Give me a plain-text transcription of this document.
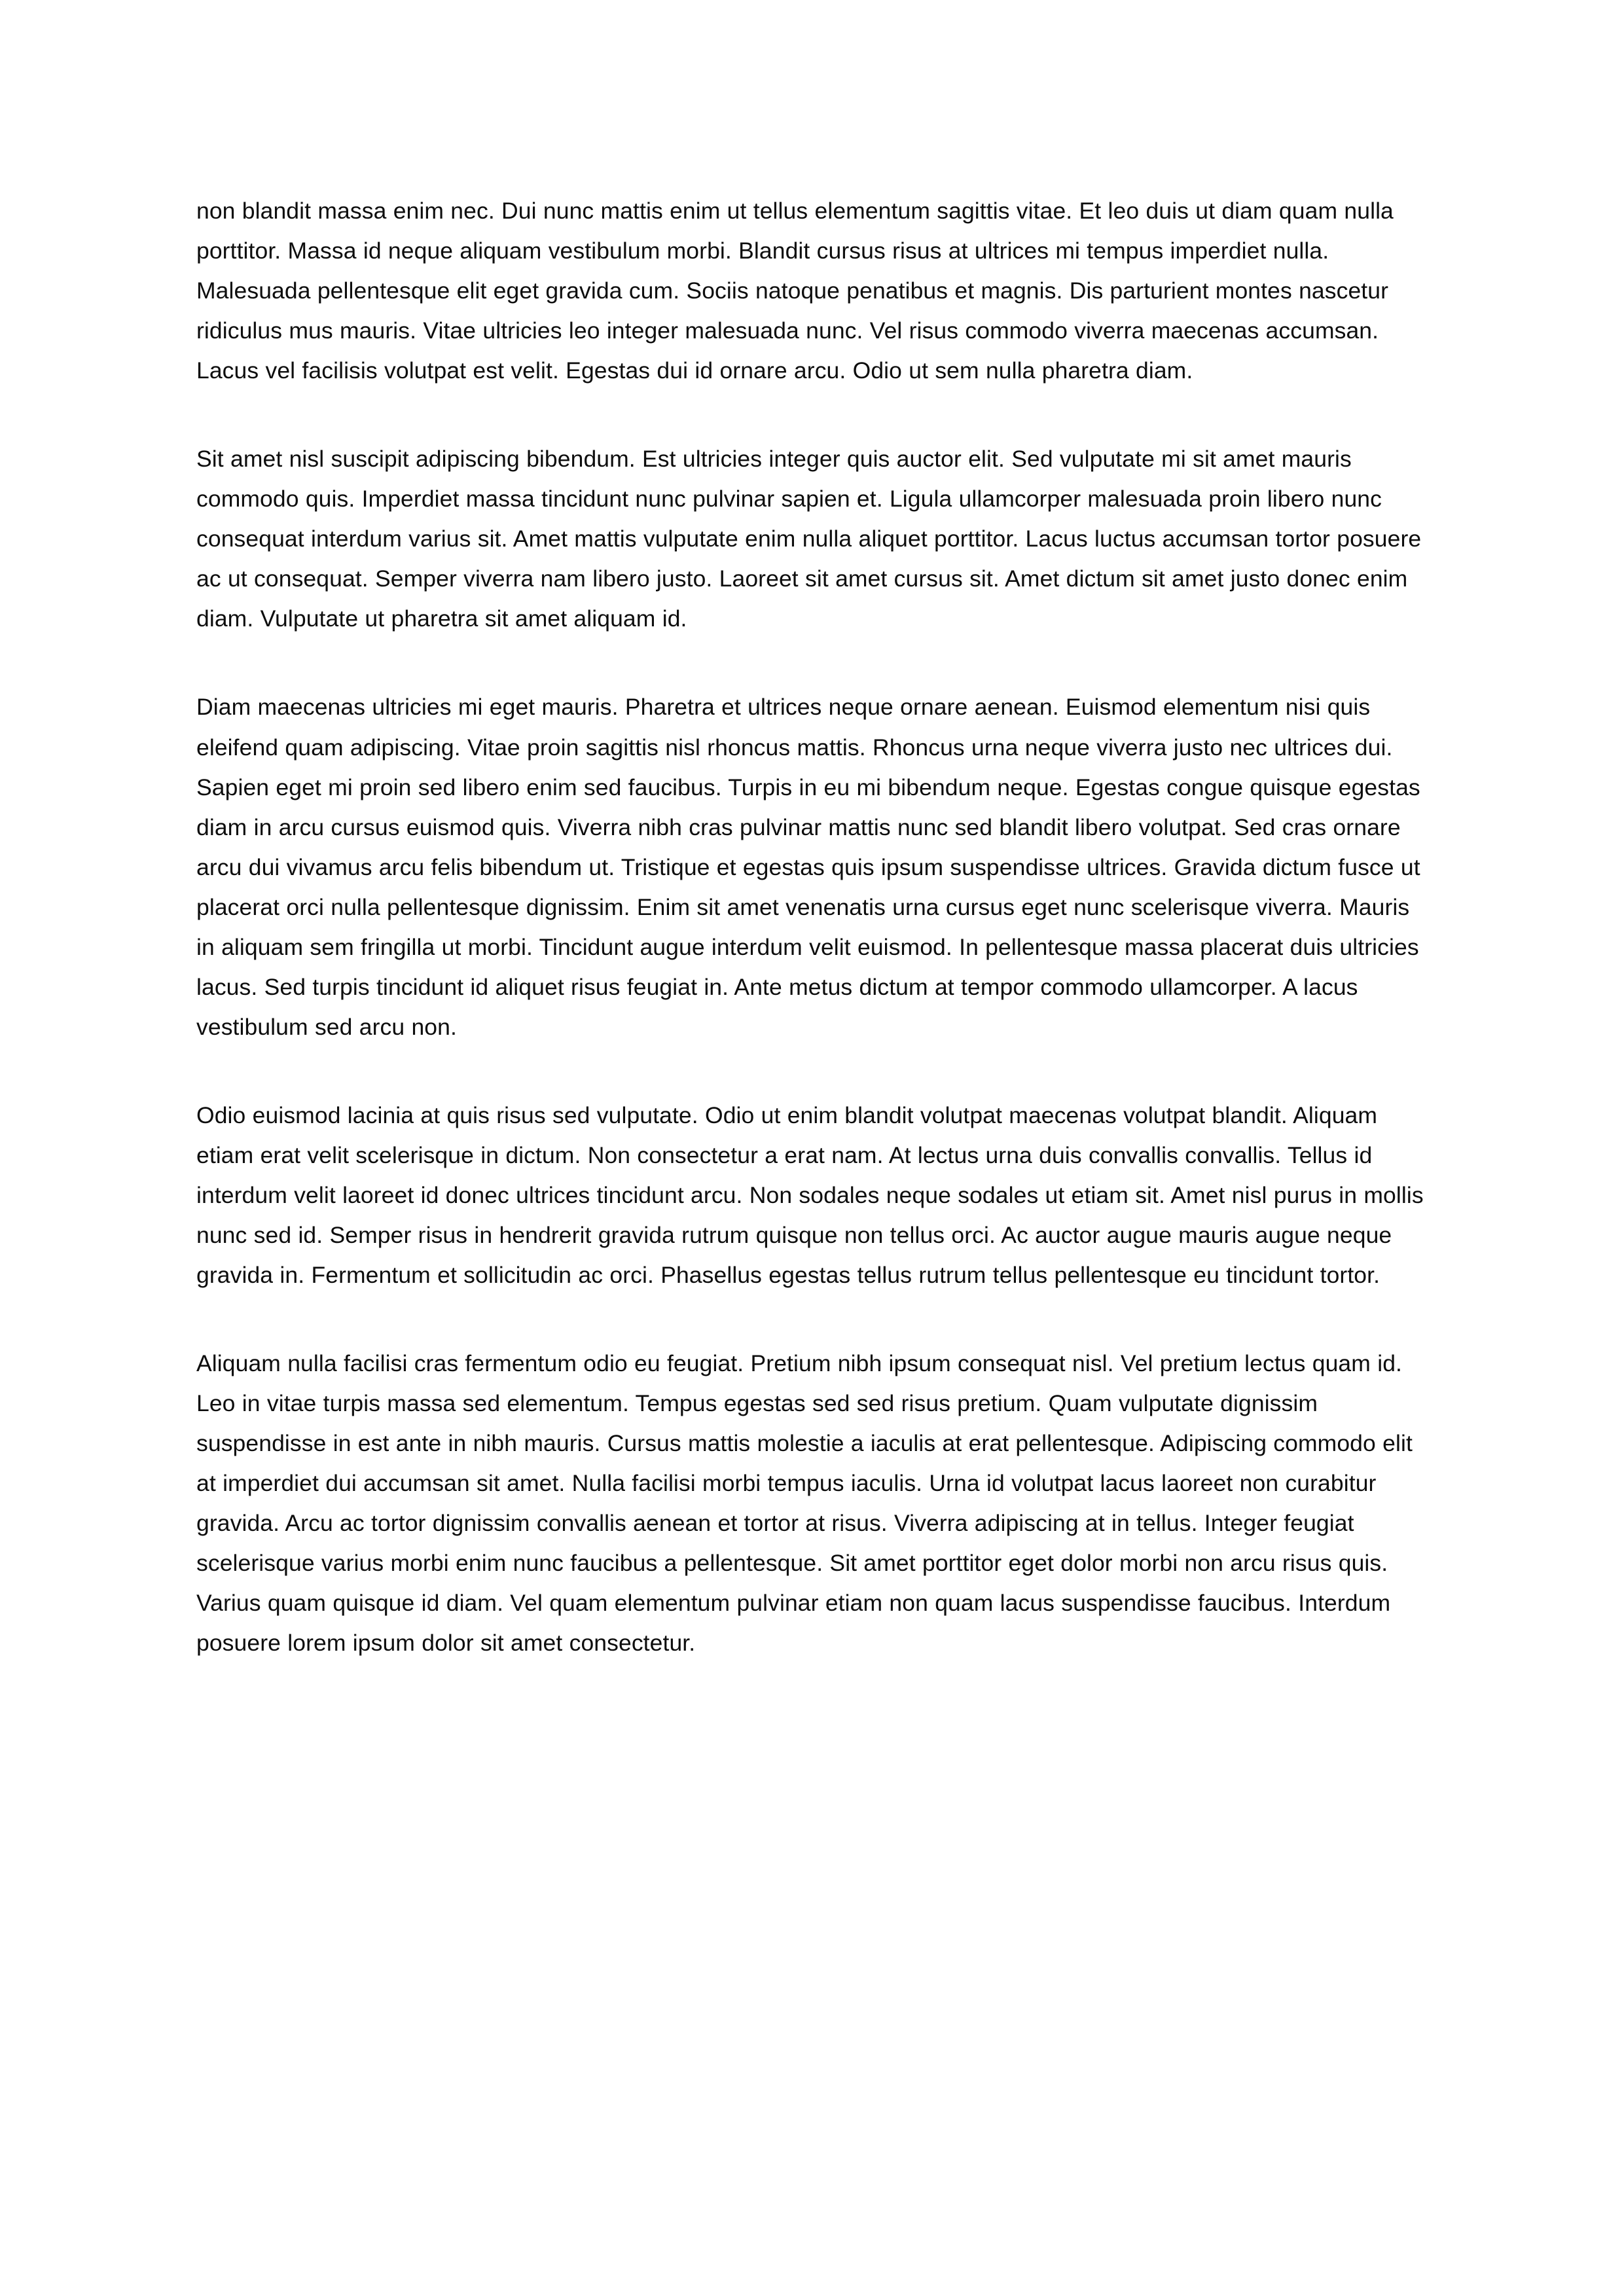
non blandit massa enim nec. Dui nunc mattis enim ut tellus elementum sagittis vitae. Et leo duis ut diam quam nulla porttitor. Massa id neque aliquam vestibulum morbi. Blandit cursus risus at ultrices mi tempus imperdiet nulla. Malesuada pellentesque elit eget gravida cum. Sociis natoque penatibus et magnis. Dis parturient montes nascetur ridiculus mus mauris. Vitae ultricies leo integer malesuada nunc. Vel risus commodo viverra maecenas accumsan. Lacus vel facilisis volutpat est velit. Egestas dui id ornare arcu. Odio ut sem nulla pharetra diam.

Sit amet nisl suscipit adipiscing bibendum. Est ultricies integer quis auctor elit. Sed vulputate mi sit amet mauris commodo quis. Imperdiet massa tincidunt nunc pulvinar sapien et. Ligula ullamcorper malesuada proin libero nunc consequat interdum varius sit. Amet mattis vulputate enim nulla aliquet porttitor. Lacus luctus accumsan tortor posuere ac ut consequat. Semper viverra nam libero justo. Laoreet sit amet cursus sit. Amet dictum sit amet justo donec enim diam. Vulputate ut pharetra sit amet aliquam id.

Diam maecenas ultricies mi eget mauris. Pharetra et ultrices neque ornare aenean. Euismod elementum nisi quis eleifend quam adipiscing. Vitae proin sagittis nisl rhoncus mattis. Rhoncus urna neque viverra justo nec ultrices dui. Sapien eget mi proin sed libero enim sed faucibus. Turpis in eu mi bibendum neque. Egestas congue quisque egestas diam in arcu cursus euismod quis. Viverra nibh cras pulvinar mattis nunc sed blandit libero volutpat. Sed cras ornare arcu dui vivamus arcu felis bibendum ut. Tristique et egestas quis ipsum suspendisse ultrices. Gravida dictum fusce ut placerat orci nulla pellentesque dignissim. Enim sit amet venenatis urna cursus eget nunc scelerisque viverra. Mauris in aliquam sem fringilla ut morbi. Tincidunt augue interdum velit euismod. In pellentesque massa placerat duis ultricies lacus. Sed turpis tincidunt id aliquet risus feugiat in. Ante metus dictum at tempor commodo ullamcorper. A lacus vestibulum sed arcu non.

Odio euismod lacinia at quis risus sed vulputate. Odio ut enim blandit volutpat maecenas volutpat blandit. Aliquam etiam erat velit scelerisque in dictum. Non consectetur a erat nam. At lectus urna duis convallis convallis. Tellus id interdum velit laoreet id donec ultrices tincidunt arcu. Non sodales neque sodales ut etiam sit. Amet nisl purus in mollis nunc sed id. Semper risus in hendrerit gravida rutrum quisque non tellus orci. Ac auctor augue mauris augue neque gravida in. Fermentum et sollicitudin ac orci. Phasellus egestas tellus rutrum tellus pellentesque eu tincidunt tortor.

Aliquam nulla facilisi cras fermentum odio eu feugiat. Pretium nibh ipsum consequat nisl. Vel pretium lectus quam id. Leo in vitae turpis massa sed elementum. Tempus egestas sed sed risus pretium. Quam vulputate dignissim suspendisse in est ante in nibh mauris. Cursus mattis molestie a iaculis at erat pellentesque. Adipiscing commodo elit at imperdiet dui accumsan sit amet. Nulla facilisi morbi tempus iaculis. Urna id volutpat lacus laoreet non curabitur gravida. Arcu ac tortor dignissim convallis aenean et tortor at risus. Viverra adipiscing at in tellus. Integer feugiat scelerisque varius morbi enim nunc faucibus a pellentesque. Sit amet porttitor eget dolor morbi non arcu risus quis. Varius quam quisque id diam. Vel quam elementum pulvinar etiam non quam lacus suspendisse faucibus. Interdum posuere lorem ipsum dolor sit amet consectetur.
